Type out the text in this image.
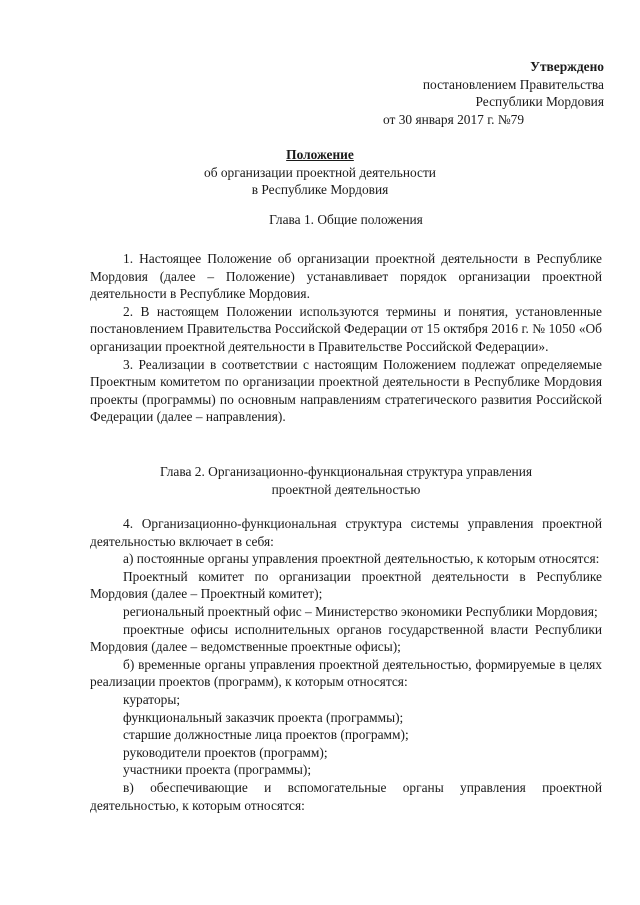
Утверждено
постановлением Правительства
Республики Мордовия
от 30 января 2017 г. №79
Положение
об организации проектной деятельности
в Республике Мордовия
Глава 1. Общие положения

1. Настоящее Положение об организации проектной деятельности в Республике Мордовия (далее – Положение) устанавливает порядок организации проектной деятельности в Республике Мордовия.

2. В настоящем Положении используются термины и понятия, установленные постановлением Правительства Российской Федерации от 15 октября 2016 г. № 1050 «Об организации проектной деятельности в Правительстве Российской Федерации».

3. Реализации в соответствии с настоящим Положением подлежат определяемые Проектным комитетом по организации проектной деятельности в Республике Мордовия проекты (программы) по основным направлениям стратегического развития Российской Федерации (далее – направления).

Глава 2. Организационно-функциональная структура управления
проектной деятельностью

4. Организационно-функциональная структура системы управления проектной деятельностью включает в себя:

а) постоянные органы управления проектной деятельностью, к которым относятся:

Проектный комитет по организации проектной деятельности в Республике Мордовия (далее – Проектный комитет);

региональный проектный офис – Министерство экономики Республики Мордовия;

проектные офисы исполнительных органов государственной власти Республики Мордовия (далее – ведомственные проектные офисы);

б) временные органы управления проектной деятельностью, формируемые в целях реализации проектов (программ), к которым относятся:

кураторы;

функциональный заказчик проекта (программы);

старшие должностные лица проектов (программ);

руководители проектов (программ);

участники проекта (программы);

в) обеспечивающие и вспомогательные органы управления проектной деятельностью, к которым относятся:
